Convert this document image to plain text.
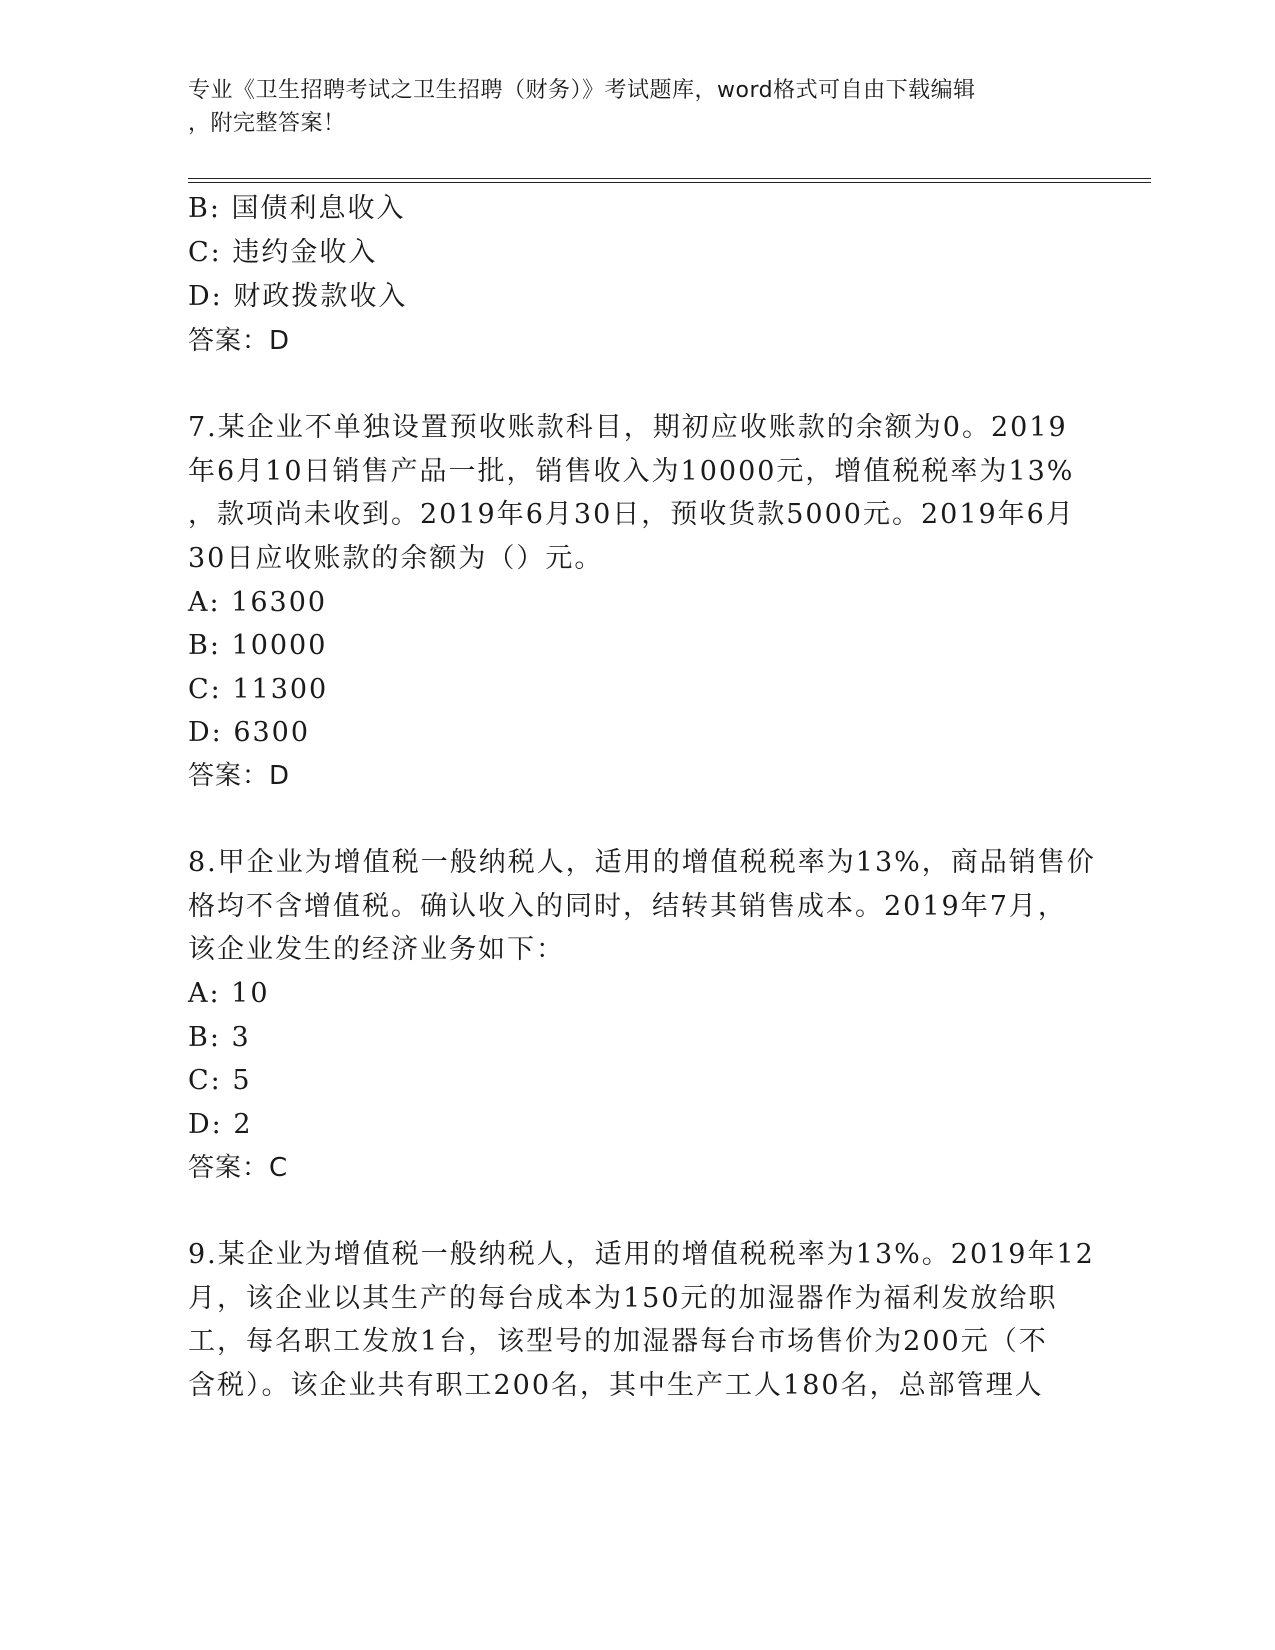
专业《卫生招聘考试之卫生招聘（财务）》考试题库，word格式可自由下载编辑
，附完整答案！
B: 国债利息收入
C: 违约金收入
D: 财政拨款收入
答案：D
7.某企业不单独设置预收账款科目，期初应收账款的余额为0。2019
年6月10日销售产品一批，销售收入为10000元，增值税税率为13%
，款项尚未收到。2019年6月30日，预收货款5000元。2019年6月
30日应收账款的余额为（）元。
A: 16300
B: 10000
C: 11300
D: 6300
答案：D
8.甲企业为增值税一般纳税人，适用的增值税税率为13%，商品销售价
格均不含增值税。确认收入的同时，结转其销售成本。2019年7月，
该企业发生的经济业务如下：
A: 10
B: 3
C: 5
D: 2
答案：C
9.某企业为增值税一般纳税人，适用的增值税税率为13%。2019年12
月，该企业以其生产的每台成本为150元的加湿器作为福利发放给职
工，每名职工发放1台，该型号的加湿器每台市场售价为200元（不
含税）。该企业共有职工200名，其中生产工人180名，总部管理人
